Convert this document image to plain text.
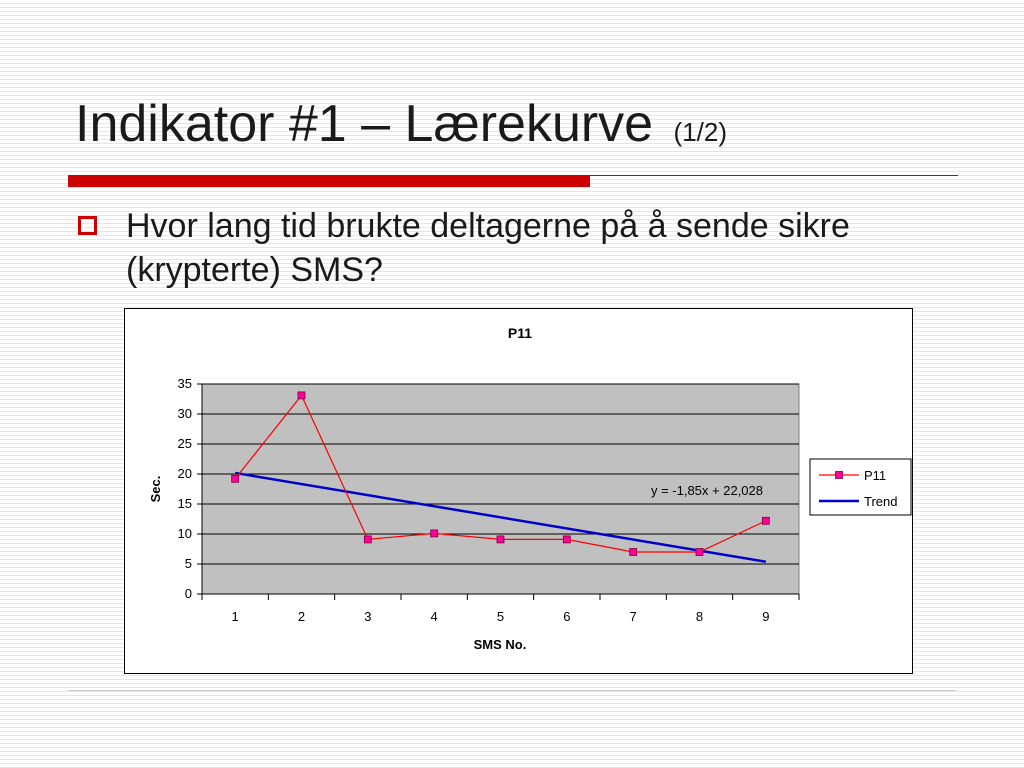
Indikator #1 – Lærekurve (1/2)
Hvor lang tid brukte deltagerne på å sende sikre (krypterte) SMS?
P11
0
5
10
15
20
25
30
35
1	2	3	4	5	6	7	8	9
y = -1,85x + 22,028
Sec.
SMS No.
P11
Trend
